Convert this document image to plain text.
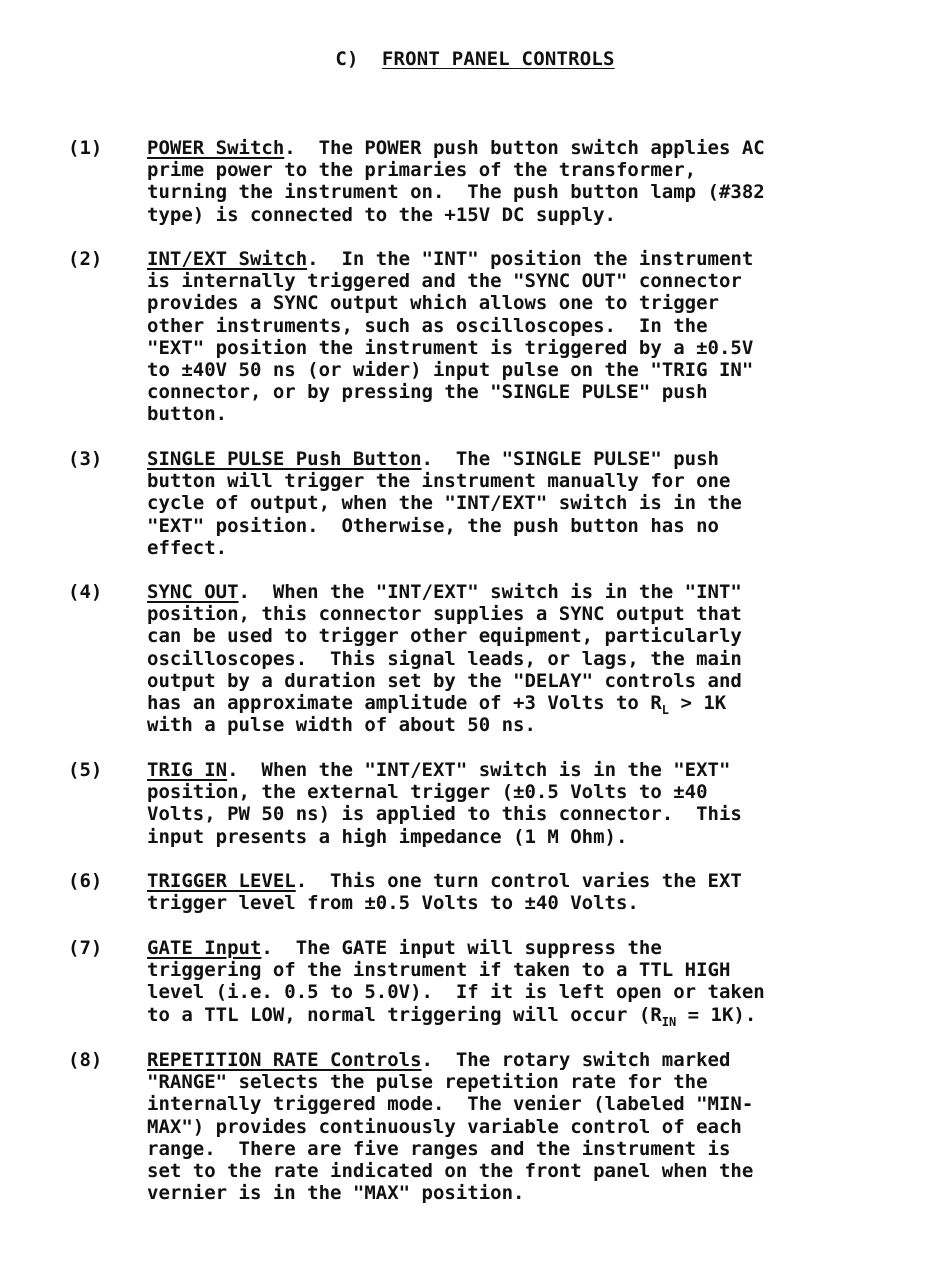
C) FRONT PANEL CONTROLS
(1) POWER Switch.  The POWER push button switch applies AC
prime power to the primaries of the transformer,
turning the instrument on.  The push button lamp (#382
type) is connected to the +15V DC supply.
(2) INT/EXT Switch.  In the "INT" position the instrument
is internally triggered and the "SYNC OUT" connector
provides a SYNC output which allows one to trigger
other instruments, such as oscilloscopes.  In the
"EXT" position the instrument is triggered by a ±0.5V
to ±40V 50 ns (or wider) input pulse on the "TRIG IN"
connector, or by pressing the "SINGLE PULSE" push
button.
(3) SINGLE PULSE Push Button.  The "SINGLE PULSE" push
button will trigger the instrument manually for one
cycle of output, when the "INT/EXT" switch is in the
"EXT" position.  Otherwise, the push button has no
effect.
(4) SYNC OUT.  When the "INT/EXT" switch is in the "INT"
position, this connector supplies a SYNC output that
can be used to trigger other equipment, particularly
oscilloscopes.  This signal leads, or lags, the main
output by a duration set by the "DELAY" controls and
has an approximate amplitude of +3 Volts to $R_L > 1K$
with a pulse width of about 50 ns.
(5) TRIG IN.  When the "INT/EXT" switch is in the "EXT"
position, the external trigger (±0.5 Volts to ±40
Volts, PW 50 ns) is applied to this connector.  This
input presents a high impedance (1 M Ohm).
(6) TRIGGER LEVEL.  This one turn control varies the EXT
trigger level from ±0.5 Volts to ±40 Volts.
(7) GATE Input.  The GATE input will suppress the
triggering of the instrument if taken to a TTL HIGH
level (i.e. 0.5 to 5.0V).  If it is left open or taken
to a TTL LOW, normal triggering will occur $(R_{IN} = 1K)$.
(8) REPETITION RATE Controls.  The rotary switch marked
"RANGE" selects the pulse repetition rate for the
internally triggered mode.  The venier (labeled "MIN-
MAX") provides continuously variable control of each
range.  There are five ranges and the instrument is
set to the rate indicated on the front panel when the
vernier is in the "MAX" position.
